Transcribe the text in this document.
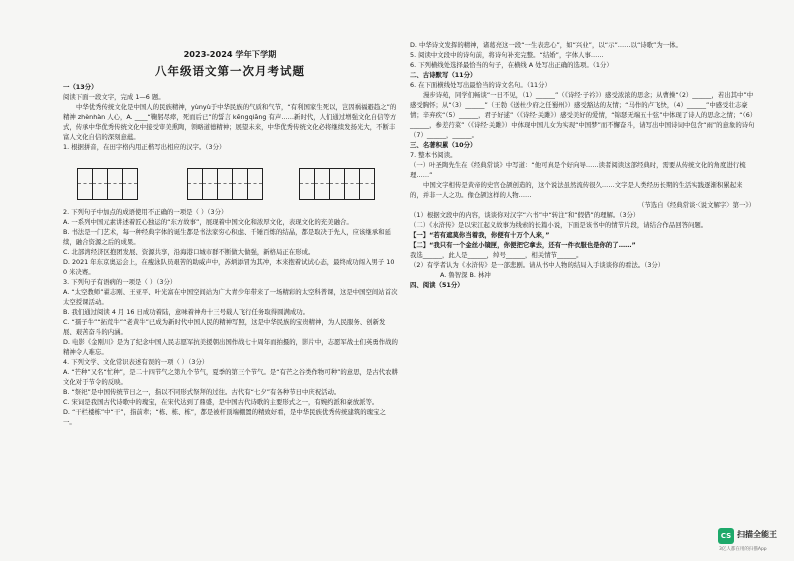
2023-2024 学年下学期
八年级语文第一次月考试题

一（13分）

阅读下面一段文字，完成 1—6 题。

中华优秀传统文化是中国人的民族精神，yùnyù于中华民族的气质和气节，“有利国家生死以，岂因祸福避趋之”的精神 zhènhàn 人心，A. ____“鞠躬尽瘁，死而后已”的誓言 kēngqiāng 有声……新时代，人们通过增强文化自信等方式，传承中华优秀传统文化中接受审美熏陶，领略道德精神；展望未来，中华优秀传统文化必将继续发扬光大，不断丰富人文化自信的深刻意蕴。

1. 根据拼音，在田字格内用正楷写出相应的汉字。（3分）

2. 下列句子中加点的成语使用不正确的一项是（ ）（3分）

A. 一系列中国元素讲述着匠心独运的“东方故事”，展现着中国文化和浓厚文化，表现文化的充美融合。

B. 书法是一门艺术，每一种经典字体的诞生都是书法家穷心积虑、千锤百炼的结晶，都是取决于先人，应该继承和延续，融合资源之后的成果。

C. 北部湾经济区抱团发展、资源共享，沿海港口城市群不断做大做强，新格局正在形成。

D. 2021 年东京奥运会上，在瘦泳队员艰苦的助威声中，苏炳添冒为其冲，本来抱着试试心态，最终成功闯入男子 100 米决赛。

3. 下列句子有语病的一项是（ ）（3分）

A. “太空教师”翟志刚、王亚平、叶光富在中国空间站为广大青少年带来了一场精彩的太空科普课，这是中国空间站首次太空授课活动。

B. 我们通过阅读 4 月 16 日成功着陆，意味着神舟十三号载人飞行任务取得圆满成功。

C. “孺子牛”“拓荒牛”“老黄牛”已成为新时代中国人民的精神写照，这是中华民族的宝贵精神，为人民服务、创新发展、艰苦奋斗的内涵。

D. 电影《金刚川》是为了纪念中国人民志愿军抗美援朝出国作战七十周年而拍摄的，影片中，志愿军战士们英勇作战的精神令人难忘。

4. 下列文学、文化常识表述有误的一项（ ）（3分）

A. “芒种”又名“忙种”，是二十四节气之第九个节气，夏季的第三个节气。是“有芒之谷类作物可种”的意思，是古代农耕文化对于节令的反映。

B. “祭祀”是中国传统节日之一，指以不同形式祭拜的过往。古代有“七夕”有各种节日中庆祝活动。

C. 宋词是我国古代诗歌中的瑰宝，在宋代达到了鼎盛，是中国古代诗歌的主要形式之一，有婉约派和豪放派等。

D. “干栏楼栋”中“干”，指前辈；“栋、栋、栋”，都是被杆顶端棚置的精致好看，是中华民族优秀传统建筑的瑰宝之一。

D. 中华诗文发挥的精神，诸葛亮这一段“一生表忠心”，如“兴业”，以“示”……以“诗歌”为一体。

5. 阅读中文段中的诗句前，将诗句补充完整。“结婚”，字体人事……

6. 下列横线处选择最恰当的句子，在横线 A 处写出正确的选项。（1分）

二、古诗默写（11分）

6. 在下面横线处写出最恰当的诗文名句。（11分）

漫步诗苑，同学们畅谈“一日不见，（1）______”（《诗经·子衿》）感受浓浓的思念；从曹操“（2）______，若出其中”中感受胸怀；从“（3）______”（王勃《送杜少府之任蜀州》）感受豁达的友情；“马作的卢飞快，（4）______”中感受壮志豪情；辛弃疾“（5）______，君子好逑”（《诗经·关雎》）感受美好的爱情，“锦瑟无端五十弦”中体现了诗人的思念之情；“（6）______，参差荇菜”（《诗经·关雎》）中体现中国儿女为实现“中国梦”而不懈奋斗，请写出中国诗词中包含“雨”的意象的诗句（7）______，______。

三、名著积累（10分）

7. 整本书阅读。

（一）叶圣陶先生在《经典常谈》中写道：“他可真是个好向导……读者阅读这部经典时，需要从传统文化的角度进行梳理……”

中国文字相传是黄帝的史官仓颉创造的，这个说法虽然流传很久……文字是人类经历长期的生活实践逐渐积累起来的，并非一人之功。像仓颉这样的人物……

（节选自《经典常谈·〈说文解字〉第一》）

（1）根据文段中的内容，谈谈你对汉字“六书”中“转注”和“假借”的理解。（3分）

（二）《水浒传》是以宋江起义故事为线索的长篇小说，下面是该书中的情节片段，请结合作品回答问题。

【一】“若有遮莫你当着我，你便有十万个人来，”

【二】“我只有一个金丝小镜匣，你便把它拿去，还有一件衣服也是你的了……”

我选______，此人是______，绰号______，相关情节______。

（2）有学者认为《水浒传》是一部悲剧。请从书中人物的结局入手谈谈你的看法。（3分）

A. 鲁智深 B. 林冲

四、阅读（51分）

CS 扫描全能王
3亿人都在用的扫描App
